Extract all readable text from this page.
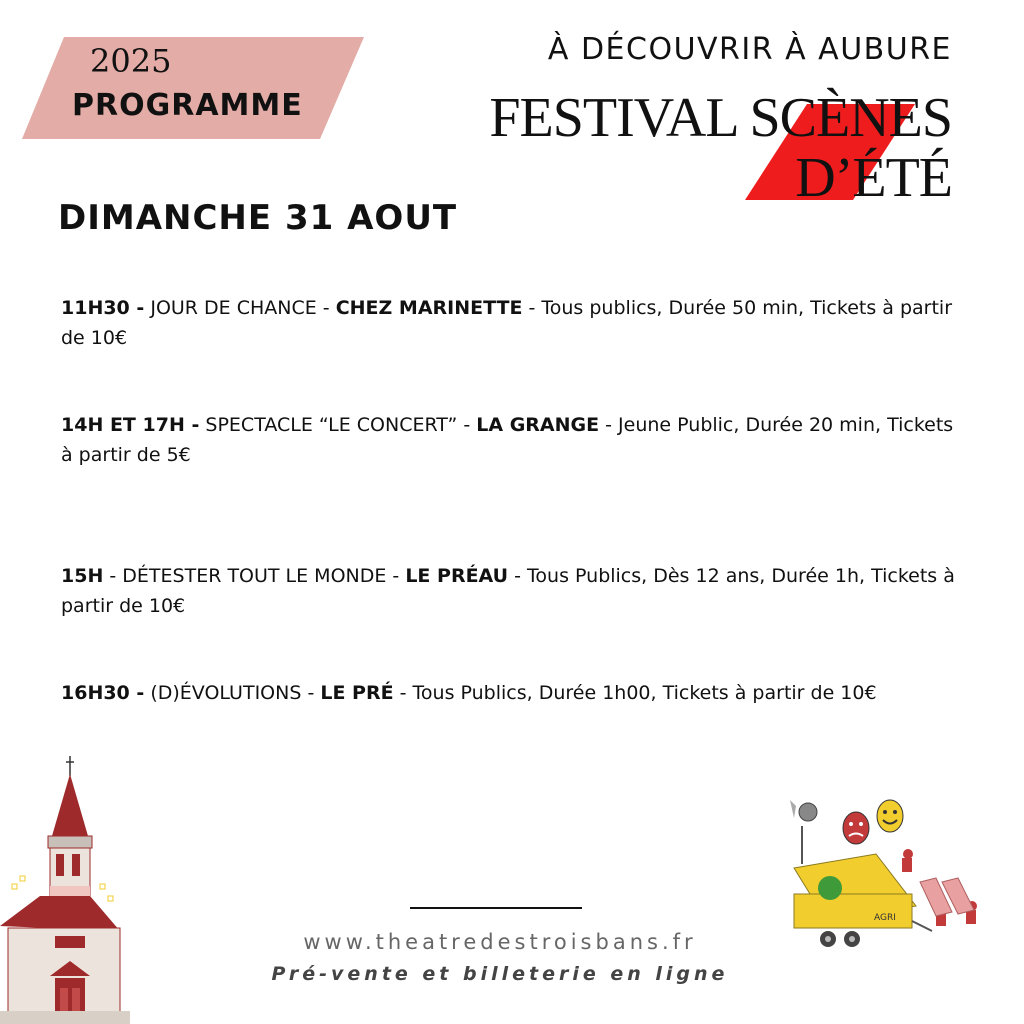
2025
PROGRAMME
À DÉCOUVRIR À AUBURE
FESTIVAL SCÈNES
D’ÉTÉ
DIMANCHE 31 AOUT
11H30 - JOUR DE CHANCE - CHEZ MARINETTE - Tous publics, Durée 50 min, Tickets à partir de 10€
14H ET 17H - SPECTACLE “LE CONCERT” - LA GRANGE - Jeune Public, Durée 20 min, Tickets à partir de 5€
15H - DÉTESTER TOUT LE MONDE - LE PRÉAU - Tous Publics, Dès 12 ans, Durée 1h, Tickets à partir de 10€
16H30 - (D)ÉVOLUTIONS - LE PRÉ - Tous Publics, Durée 1h00, Tickets à partir de 10€
AGRI
www.theatredestroisbans.fr
Pré-vente et billeterie en ligne
